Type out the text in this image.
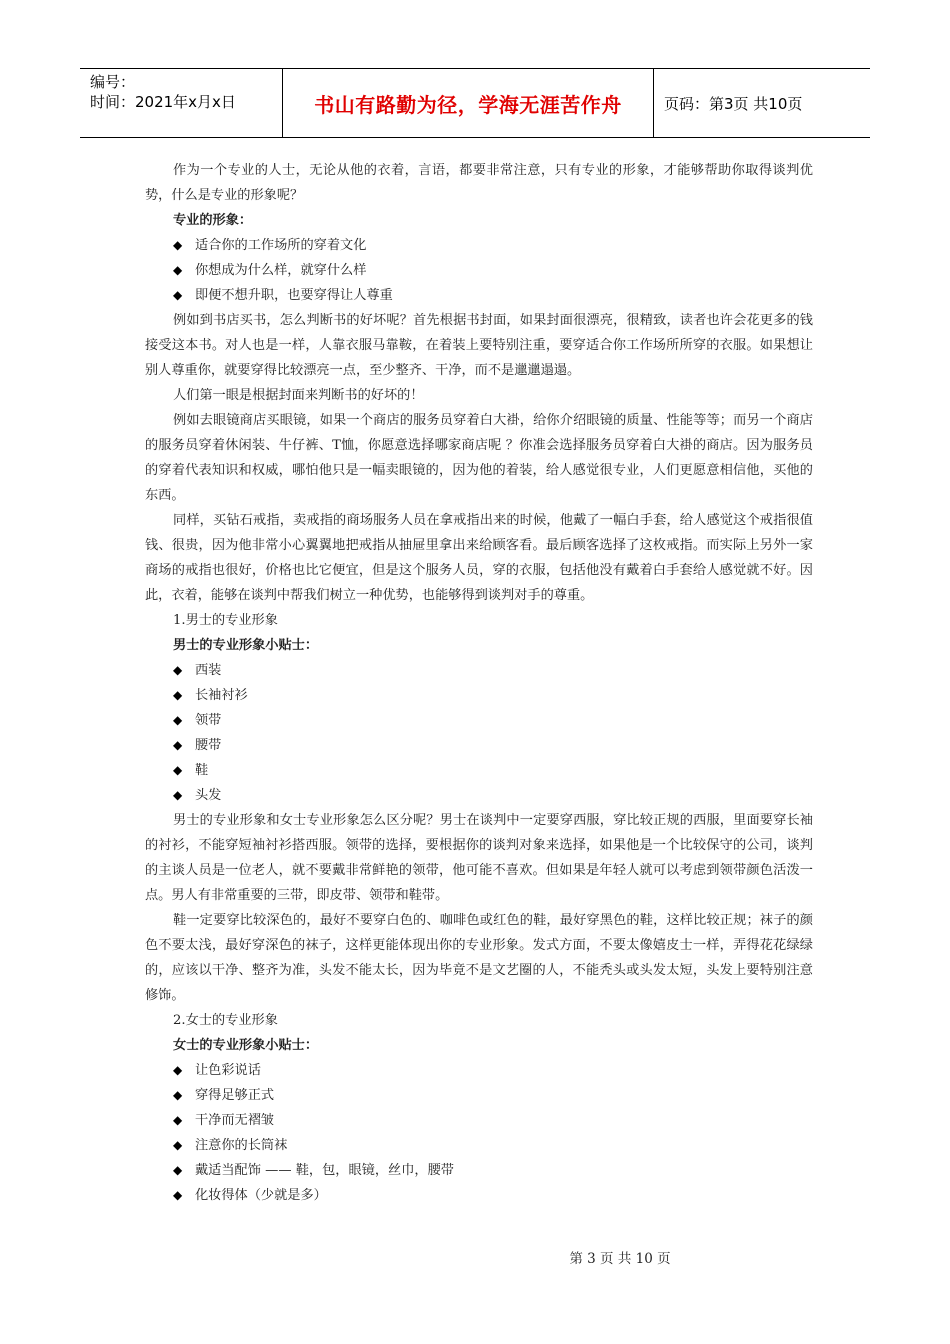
编号：
时间：2021年x月x日	书山有路勤为径，学海无涯苦作舟	页码：第3页 共10页

作为一个专业的人士，无论从他的衣着，言语，都要非常注意，只有专业的形象，才能够帮助你取得谈判优势，什么是专业的形象呢？

专业的形象：

◆ 适合你的工作场所的穿着文化
◆ 你想成为什么样，就穿什么样
◆ 即便不想升职，也要穿得让人尊重

例如到书店买书，怎么判断书的好坏呢？首先根据书封面，如果封面很漂亮，很精致，读者也许会花更多的钱接受这本书。对人也是一样，人靠衣服马靠鞍，在着装上要特别注重，要穿适合你工作场所所穿的衣服。如果想让别人尊重你，就要穿得比较漂亮一点，至少整齐、干净，而不是邋邋遢遢。

人们第一眼是根据封面来判断书的好坏的！

例如去眼镜商店买眼镜，如果一个商店的服务员穿着白大褂，给你介绍眼镜的质量、性能等等；而另一个商店的服务员穿着休闲装、牛仔裤、T恤，你愿意选择哪家商店呢 ？你准会选择服务员穿着白大褂的商店。因为服务员的穿着代表知识和权威，哪怕他只是一幅卖眼镜的，因为他的着装，给人感觉很专业，人们更愿意相信他，买他的东西。

同样，买钻石戒指，卖戒指的商场服务人员在拿戒指出来的时候，他戴了一幅白手套，给人感觉这个戒指很值钱、很贵，因为他非常小心翼翼地把戒指从抽屉里拿出来给顾客看。最后顾客选择了这枚戒指。而实际上另外一家商场的戒指也很好，价格也比它便宜，但是这个服务人员，穿的衣服，包括他没有戴着白手套给人感觉就不好。因此，衣着，能够在谈判中帮我们树立一种优势，也能够得到谈判对手的尊重。

1.男士的专业形象

男士的专业形象小贴士：

◆ 西装
◆ 长袖衬衫
◆ 领带
◆ 腰带
◆ 鞋
◆ 头发

男士的专业形象和女士专业形象怎么区分呢？男士在谈判中一定要穿西服，穿比较正规的西服，里面要穿长袖的衬衫，不能穿短袖衬衫搭西服。领带的选择，要根据你的谈判对象来选择，如果他是一个比较保守的公司，谈判的主谈人员是一位老人，就不要戴非常鲜艳的领带，他可能不喜欢。但如果是年轻人就可以考虑到领带颜色活泼一点。男人有非常重要的三带，即皮带、领带和鞋带。

鞋一定要穿比较深色的，最好不要穿白色的、咖啡色或红色的鞋，最好穿黑色的鞋，这样比较正规；袜子的颜色不要太浅，最好穿深色的袜子，这样更能体现出你的专业形象。发式方面，不要太像嬉皮士一样，弄得花花绿绿的，应该以干净、整齐为准，头发不能太长，因为毕竟不是文艺圈的人，不能秃头或头发太短，头发上要特别注意修饰。

2.女士的专业形象

女士的专业形象小贴士：

◆ 让色彩说话
◆ 穿得足够正式
◆ 干净而无褶皱
◆ 注意你的长筒袜
◆ 戴适当配饰 —— 鞋，包，眼镜，丝巾，腰带
◆ 化妆得体（少就是多）
第 3 页 共 10 页
